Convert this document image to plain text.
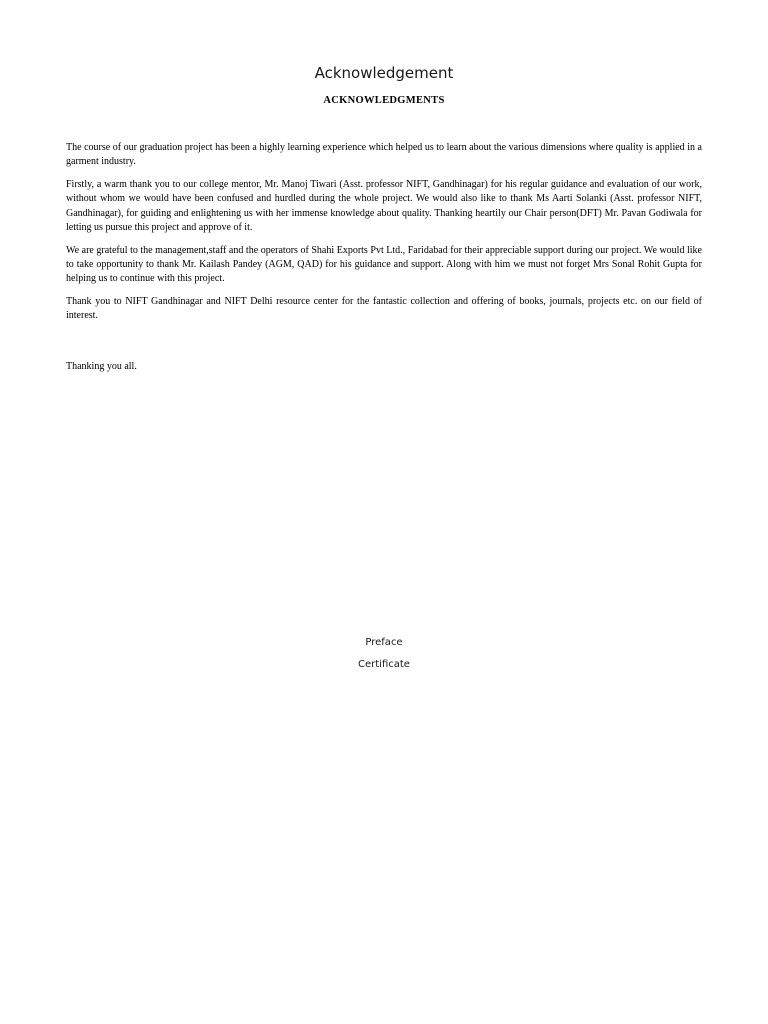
Acknowledgement
ACKNOWLEDGMENTS

The course of our graduation project has been a highly learning experience which helped us to learn about the various dimensions where quality is applied in a garment industry.

Firstly, a warm thank you to our college mentor, Mr. Manoj Tiwari (Asst. professor NIFT, Gandhinagar) for his regular guidance and evaluation of our work, without whom we would have been confused and hurdled during the whole project. We would also like to thank Ms Aarti Solanki (Asst. professor NIFT, Gandhinagar), for guiding and enlightening us with her immense knowledge about quality. Thanking heartily our Chair person(DFT) Mr. Pavan Godiwala for letting us pursue this project and approve of it.

We are grateful to the management,staff and the operators of Shahi Exports Pvt Ltd., Faridabad for their appreciable support during our project. We would like to take opportunity to thank Mr. Kailash Pandey (AGM, QAD) for his guidance and support. Along with him we must not forget Mrs Sonal Rohit Gupta for helping us to continue with this project.

Thank you to NIFT Gandhinagar and NIFT Delhi resource center for the fantastic collection and offering of books, journals, projects etc. on our field of interest.

Thanking you all.
Preface
Certificate
